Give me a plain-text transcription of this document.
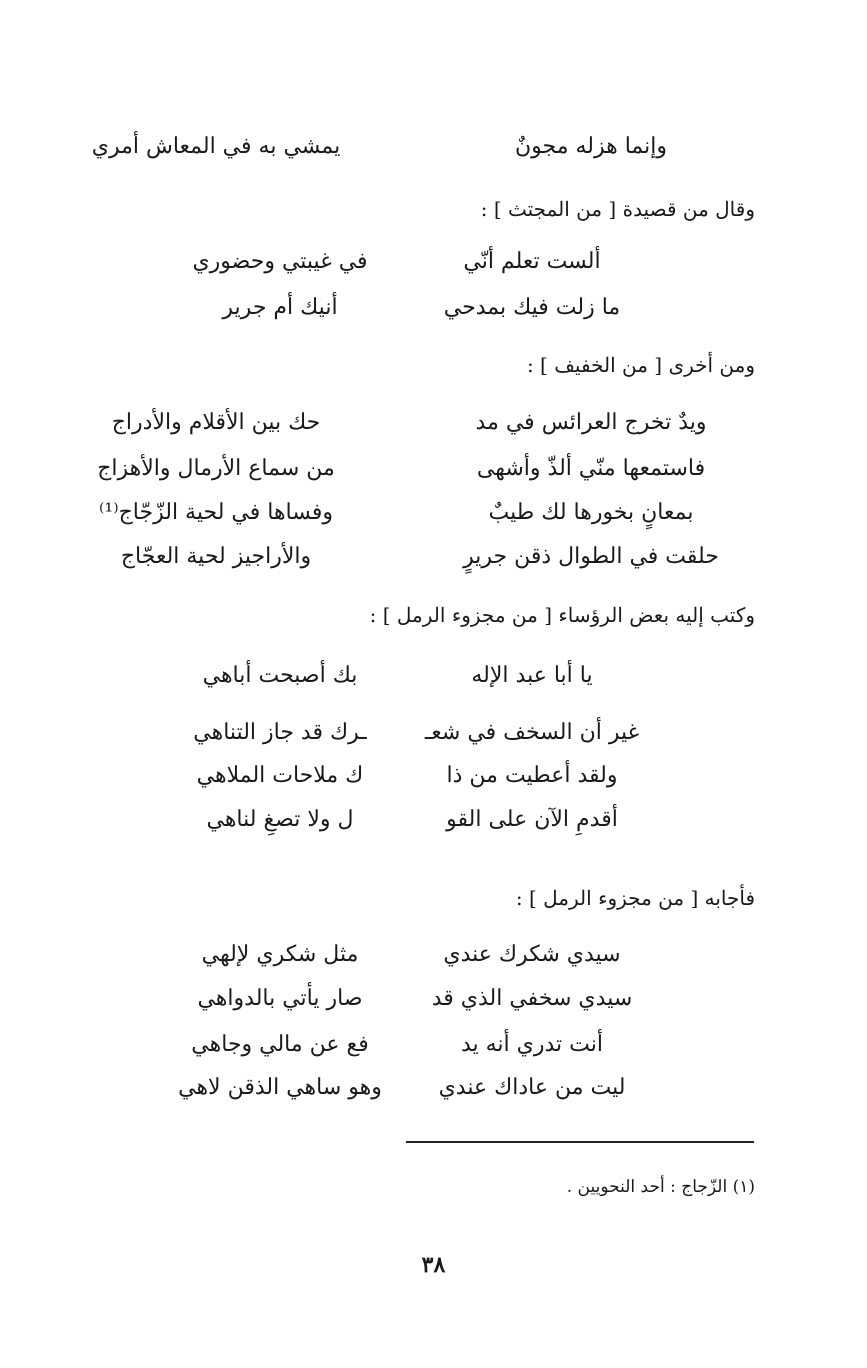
وإنما هزله مجونٌ
يمشي به في المعاش أمري
وقال من قصيدة [ من المجتث ] :
ألست تعلم أنّي
في غيبتي وحضوري
ما زلت فيك بمدحي
أنيك أم جرير
ومن أخرى [ من الخفيف ] :
ويدٌ تخرج العرائس في مد
حك بين الأقلام والأدراج
فاستمعها منّي ألذّ وأشهى
من سماع الأرمال والأهزاج
بمعانٍ بخورها لك طيبٌ
وفساها في لحية الزّجّاج⁽¹⁾
حلقت في الطوال ذقن جريرٍ
والأراجيز لحية العجّاج
وكتب إليه بعض الرؤساء [ من مجزوء الرمل ] :
يا أبا عبد الإله
بك أصبحت أباهي
غير أن السخف في شعـ
ـرك قد جاز التناهي
ولقد أعطيت من ذا
ك ملاحات الملاهي
أقدمِ الآن على القو
ل ولا تصغِ لناهي
فأجابه [ من مجزوء الرمل ] :
سيدي شكرك عندي
مثل شكري لإلهي
سيدي سخفي الذي قد
صار يأتي بالدواهي
أنت تدري أنه يد
فع عن مالي وجاهي
ليت من عاداك عندي
وهو ساهي الذقن لاهي
(١) الزّجاج : أحد النحويين .
٣٨
